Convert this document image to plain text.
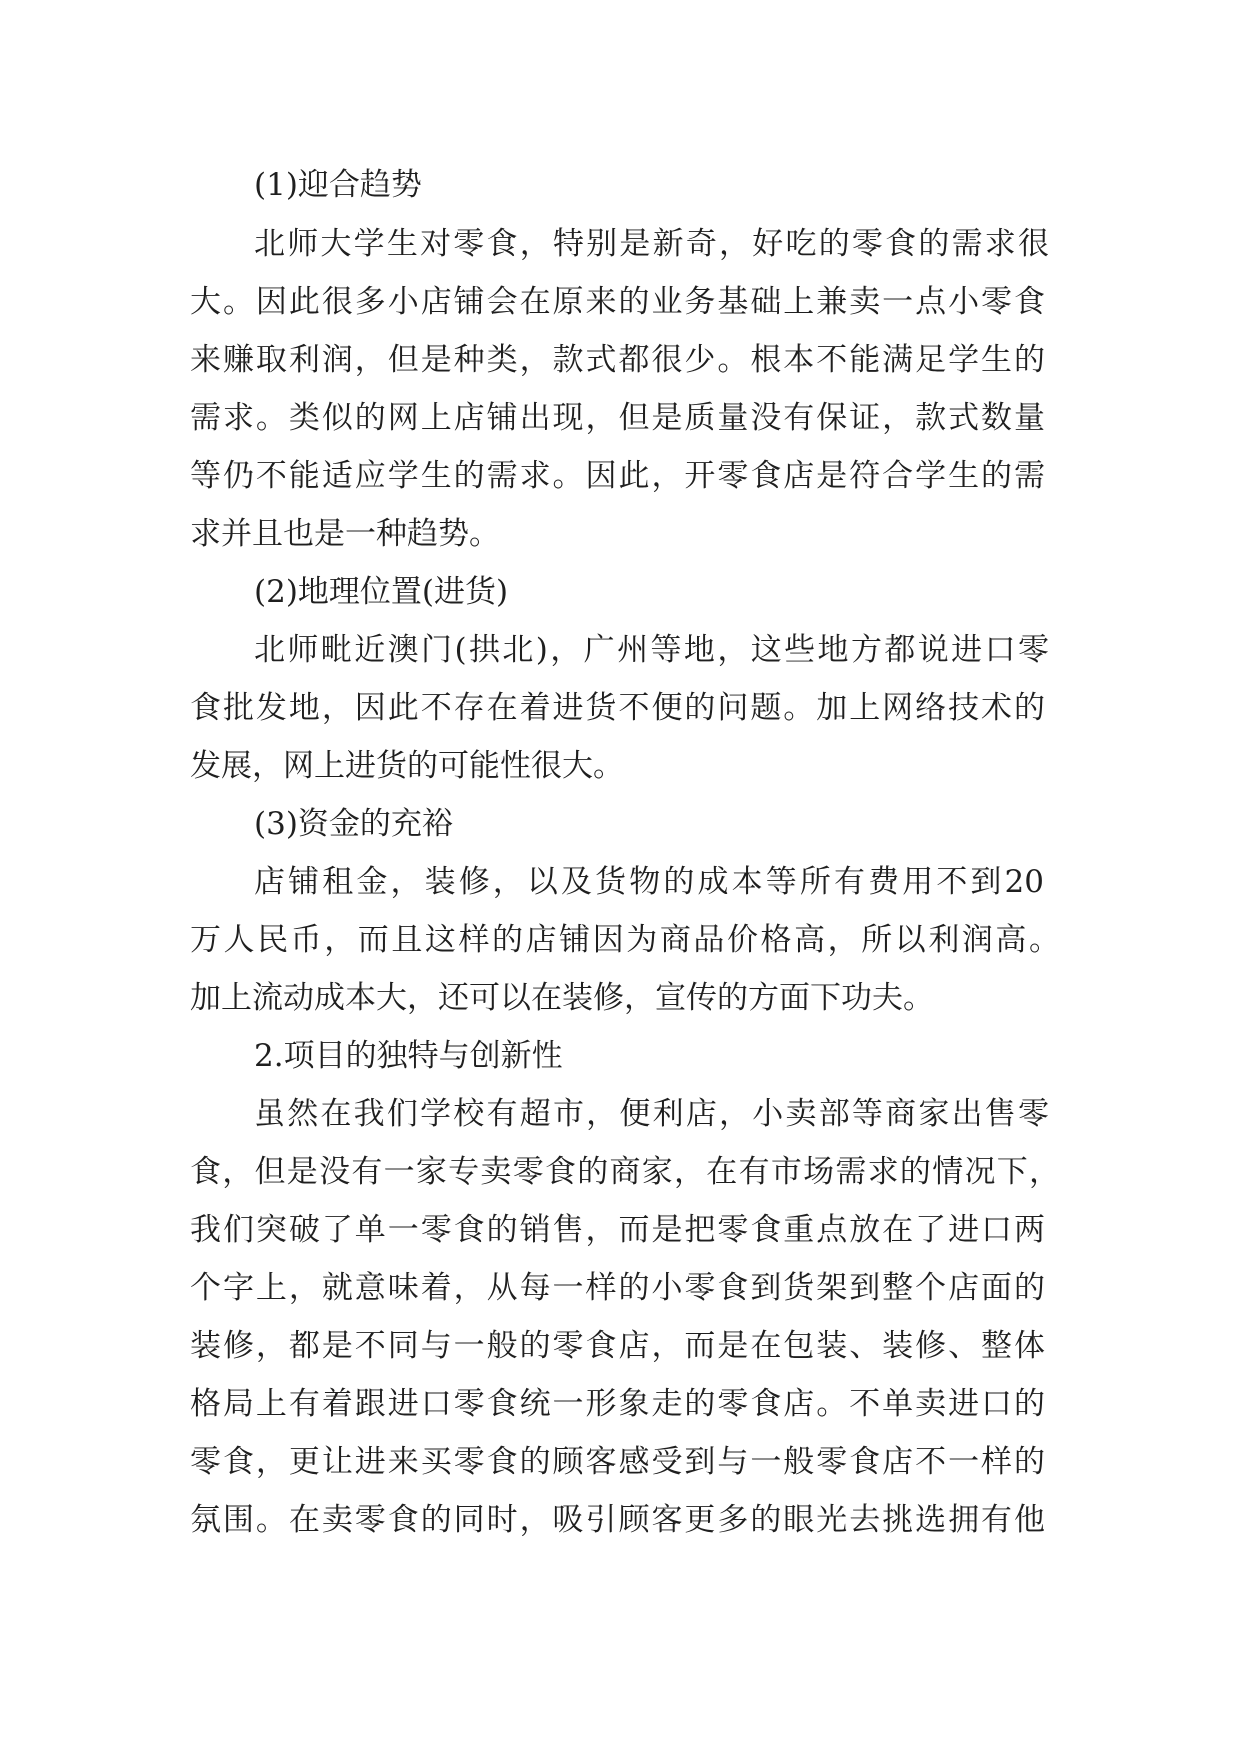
(1)迎合趋势
北师大学生对零食，特别是新奇，好吃的零食的需求很
大。因此很多小店铺会在原来的业务基础上兼卖一点小零食
来赚取利润，但是种类，款式都很少。根本不能满足学生的
需求。类似的网上店铺出现，但是质量没有保证，款式数量
等仍不能适应学生的需求。因此，开零食店是符合学生的需
求并且也是一种趋势。
(2)地理位置(进货)
北师毗近澳门(拱北)，广州等地，这些地方都说进口零
食批发地，因此不存在着进货不便的问题。加上网络技术的
发展，网上进货的可能性很大。
(3)资金的充裕
店铺租金，装修，以及货物的成本等所有费用不到20
万人民币，而且这样的店铺因为商品价格高，所以利润高。
加上流动成本大，还可以在装修，宣传的方面下功夫。
2.项目的独特与创新性
虽然在我们学校有超市，便利店，小卖部等商家出售零
食，但是没有一家专卖零食的商家，在有市场需求的情况下，
我们突破了单一零食的销售，而是把零食重点放在了进口两
个字上，就意味着，从每一样的小零食到货架到整个店面的
装修，都是不同与一般的零食店，而是在包装、装修、整体
格局上有着跟进口零食统一形象走的零食店。不单卖进口的
零食，更让进来买零食的顾客感受到与一般零食店不一样的
氛围。在卖零食的同时，吸引顾客更多的眼光去挑选拥有他
